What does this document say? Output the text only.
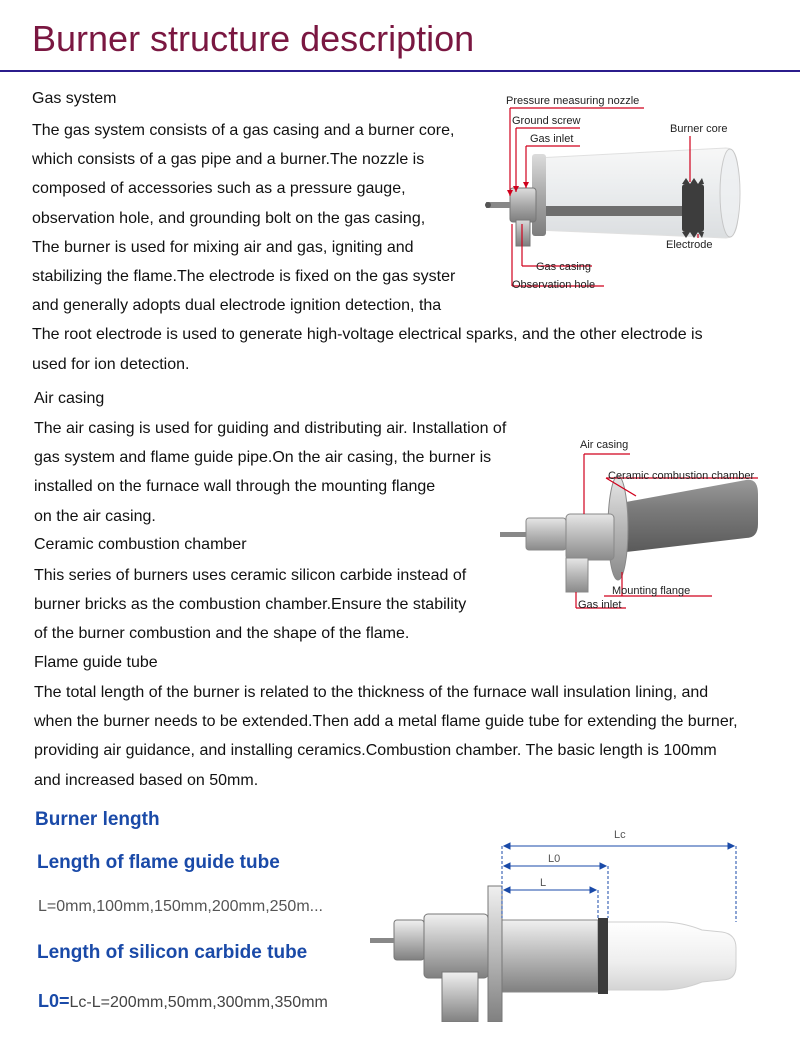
Burner structure description
Gas system
The gas system consists of a gas casing and a burner core,
which consists of a gas pipe and a burner.The nozzle is
composed of accessories such as a pressure gauge,
observation hole, and grounding bolt on the gas casing,
The burner is used for mixing air and gas, igniting and
stabilizing the flame.The electrode is fixed on the gas syster
and generally adopts dual electrode ignition detection, tha
The root electrode is used to generate high-voltage electrical sparks, and the other electrode is
used for ion detection.
Pressure measuring nozzle
Ground screw
Gas inlet
Burner core
Electrode
Gas casing
Observation hole
Air casing
The air casing is used for guiding and distributing air. Installation of
gas system and flame guide pipe.On the air casing, the burner is
installed on the furnace wall through the mounting flange
on the air casing.
Ceramic combustion chamber
This series of burners uses ceramic silicon carbide instead of
burner bricks as the combustion chamber.Ensure the stability
of the burner combustion and the shape of the flame.
Air casing
Ceramic combustion chamber
Mounting flange
Gas inlet
Flame guide tube
The total length of the burner is related to the thickness of the furnace wall insulation lining, and
when the burner needs to be extended.Then add a metal flame guide tube for extending the burner,
providing air guidance, and installing ceramics.Combustion chamber. The basic length is 100mm
and increased based on 50mm.
Burner length
Length of flame guide tube
L=0mm,100mm,150mm,200mm,250m...
Length of silicon carbide tube
L0=Lc-L=200mm,50mm,300mm,350mm
Lc
L0
L
